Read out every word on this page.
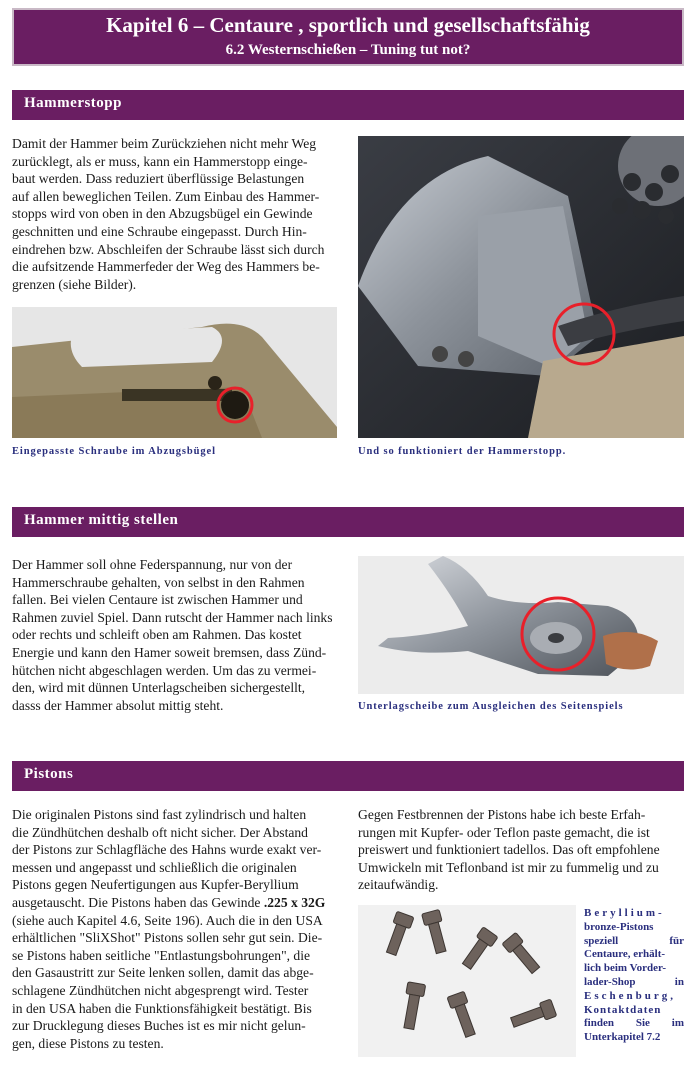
Kapitel 6 – Centaure , sportlich und gesellschaftsfähig
6.2 Westernschießen – Tuning tut not?
Hammerstopp
Damit der Hammer beim Zurückziehen nicht mehr Weg
zurücklegt, als er muss, kann ein Hammerstopp einge-
baut werden. Dass reduziert überflüssige Belastungen
auf allen beweglichen Teilen. Zum Einbau des Hammer-
stopps wird von oben in den Abzugsbügel ein Gewinde
geschnitten und eine Schraube eingepasst. Durch Hin-
eindrehen bzw. Abschleifen der Schraube lässt sich durch
die aufsitzende Hammerfeder der Weg des Hammers be-
grenzen (siehe Bilder).
Eingepasste Schraube im Abzugsbügel	Und so funktioniert der Hammerstopp.
Hammer mittig stellen
Der Hammer soll ohne Federspannung, nur von der
Hammerschraube gehalten, von selbst in den Rahmen
fallen. Bei vielen Centaure ist zwischen Hammer und
Rahmen zuviel Spiel. Dann rutscht der Hammer nach links
oder rechts und schleift oben am Rahmen. Das kostet
Energie und kann den Hamer soweit bremsen, dass Zünd-
hütchen nicht abgeschlagen werden. Um das zu vermei-
den, wird mit dünnen Unterlagscheiben sichergestellt,
dasss der Hammer absolut mittig steht.	Unterlagscheibe zum Ausgleichen des Seitenspiels
Pistons
Die originalen Pistons sind fast zylindrisch und halten
die Zündhütchen deshalb oft nicht sicher. Der Abstand
der Pistons zur Schlagfläche des Hahns wurde exakt ver-
messen und angepasst und schließlich die originalen
Pistons gegen Neufertigungen aus Kupfer-Beryllium
ausgetauscht. Die Pistons haben das Gewinde .225 x 32G
(siehe auch Kapitel 4.6, Seite 196). Auch die in den USA
erhältlichen "SliXShot" Pistons sollen sehr gut sein. Die-
se Pistons haben seitliche "Entlastungsbohrungen", die
den Gasaustritt zur Seite lenken sollen, damit das abge-
schlagene Zündhütchen nicht abgesprengt wird. Tester
in den USA haben die Funktionsfähigkeit bestätigt. Bis
zur Drucklegung dieses Buches ist es mir nicht gelun-
gen, diese Pistons zu testen.
Gegen Festbrennen der Pistons habe ich beste Erfah-
rungen mit Kupfer- oder Teflon paste gemacht, die ist
preiswert und funktioniert tadellos. Das oft empfohlene
Umwickeln mit Teflonband ist mir zu fummelig und zu
zeitaufwändig.
Beryllium-
bronze-Pistons
speziell für
Centaure, erhält-
lich beim Vorder-
lader-Shop in
Eschenburg,
Kontaktdaten
finden Sie im
Unterkapitel 7.2
